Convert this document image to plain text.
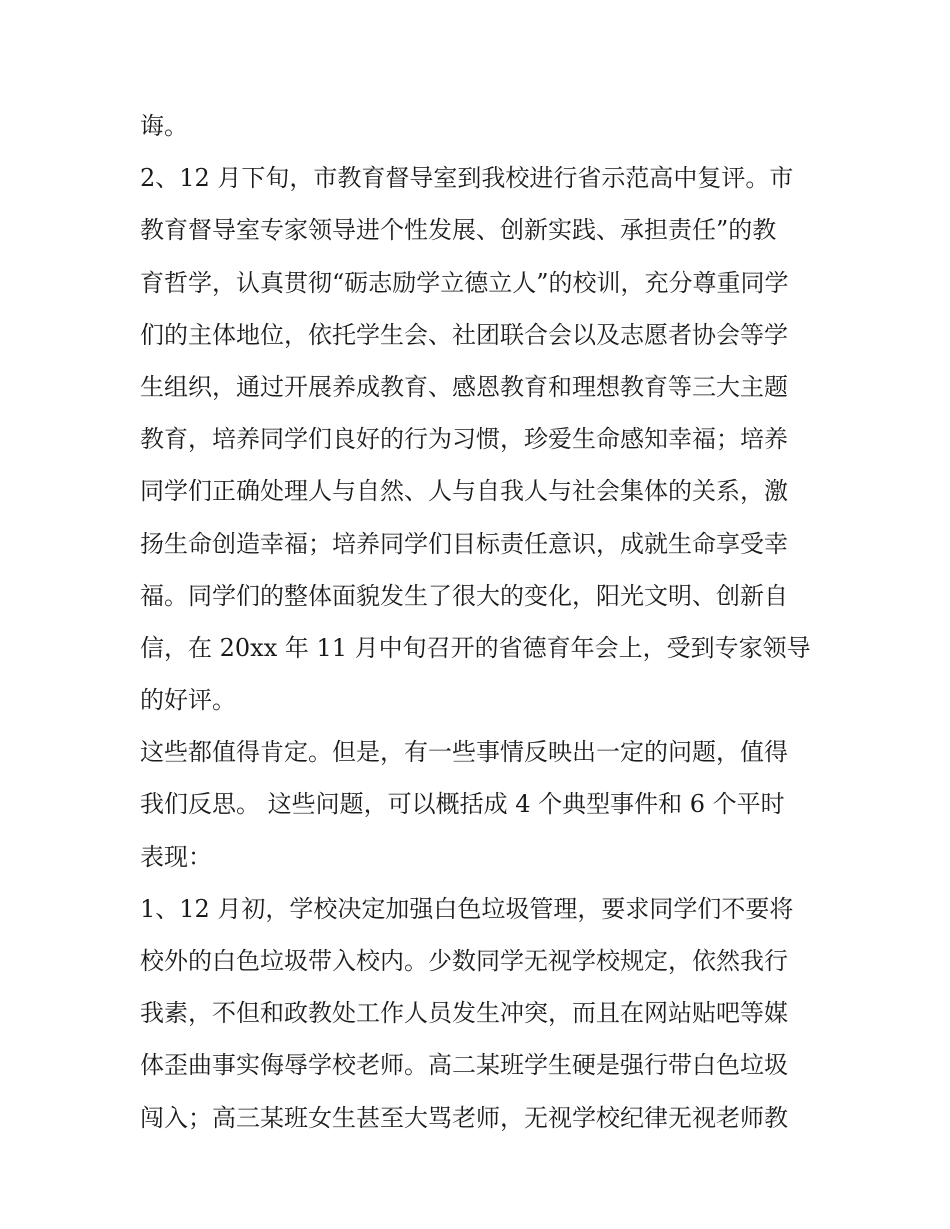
诲。
2、12 月下旬，市教育督导室到我校进行省示范高中复评。市
教育督导室专家领导进个性发展、创新实践、承担责任”的教
育哲学，认真贯彻“砺志励学立德立人”的校训，充分尊重同学
们的主体地位，依托学生会、社团联合会以及志愿者协会等学
生组织，通过开展养成教育、感恩教育和理想教育等三大主题
教育，培养同学们良好的行为习惯，珍爱生命感知幸福；培养
同学们正确处理人与自然、人与自我人与社会集体的关系，激
扬生命创造幸福；培养同学们目标责任意识，成就生命享受幸
福。同学们的整体面貌发生了很大的变化，阳光文明、创新自
信，在 20xx 年 11 月中旬召开的省德育年会上，受到专家领导
的好评。
这些都值得肯定。但是，有一些事情反映出一定的问题，值得
我们反思。 这些问题，可以概括成 4 个典型事件和 6 个平时
表现：
1、12 月初，学校决定加强白色垃圾管理，要求同学们不要将
校外的白色垃圾带入校内。少数同学无视学校规定，依然我行
我素，不但和政教处工作人员发生冲突，而且在网站贴吧等媒
体歪曲事实侮辱学校老师。高二某班学生硬是强行带白色垃圾
闯入；高三某班女生甚至大骂老师，无视学校纪律无视老师教
